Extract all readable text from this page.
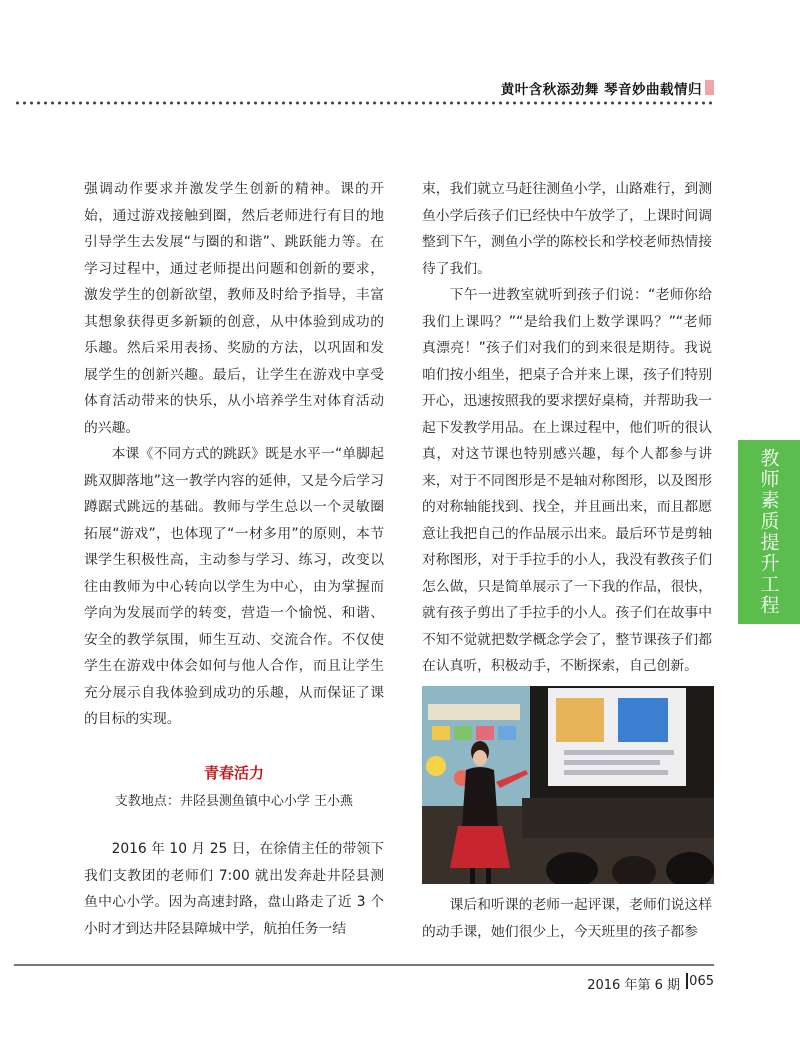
黄叶含秋添劲舞 琴音妙曲载情归
教师素质提升工程

强调动作要求并激发学生创新的精神。课的开始，通过游戏接触到圈，然后老师进行有目的地引导学生去发展“与圈的和谐”、跳跃能力等。在学习过程中，通过老师提出问题和创新的要求，激发学生的创新欲望，教师及时给予指导，丰富其想象获得更多新颖的创意，从中体验到成功的乐趣。然后采用表扬、奖励的方法，以巩固和发展学生的创新兴趣。最后，让学生在游戏中享受体育活动带来的快乐，从小培养学生对体育活动的兴趣。

本课《不同方式的跳跃》既是水平一“单脚起跳双脚落地”这一教学内容的延伸，又是今后学习蹲踞式跳远的基础。教师与学生总以一个灵敏圈拓展“游戏”，也体现了“一材多用”的原则，本节课学生积极性高，主动参与学习、练习，改变以往由教师为中心转向以学生为中心，由为掌握而学向为发展而学的转变，营造一个愉悦、和谐、安全的教学氛围，师生互动、交流合作。不仅使学生在游戏中体会如何与他人合作，而且让学生充分展示自我体验到成功的乐趣，从而保证了课的目标的实现。

青春活力
支教地点：井陉县测鱼镇中心小学 王小燕

2016 年 10 月 25 日，在徐倩主任的带领下我们支教团的老师们 7:00 就出发奔赴井陉县测鱼中心小学。因为高速封路，盘山路走了近 3 个小时才到达井陉县障城中学，航拍任务一结

束，我们就立马赶往测鱼小学，山路难行，到测鱼小学后孩子们已经快中午放学了，上课时间调整到下午，测鱼小学的陈校长和学校老师热情接待了我们。

下午一进教室就听到孩子们说：“老师你给我们上课吗？”“是给我们上数学课吗？”“老师真漂亮！”孩子们对我们的到来很是期待。我说咱们按小组坐，把桌子合并来上课，孩子们特别开心，迅速按照我的要求摆好桌椅，并帮助我一起下发教学用品。在上课过程中，他们听的很认真，对这节课也特别感兴趣，每个人都参与讲来，对于不同图形是不是轴对称图形，以及图形的对称轴能找到、找全，并且画出来，而且都愿意让我把自己的作品展示出来。最后环节是剪轴对称图形，对于手拉手的小人，我没有教孩子们怎么做，只是简单展示了一下我的作品，很快，就有孩子剪出了手拉手的小人。孩子们在故事中不知不觉就把数学概念学会了，整节课孩子们都在认真听，积极动手，不断探索，自己创新。

课后和听课的老师一起评课，老师们说这样的动手课，她们很少上，今天班里的孩子都参

2016 年第 6 期 065
